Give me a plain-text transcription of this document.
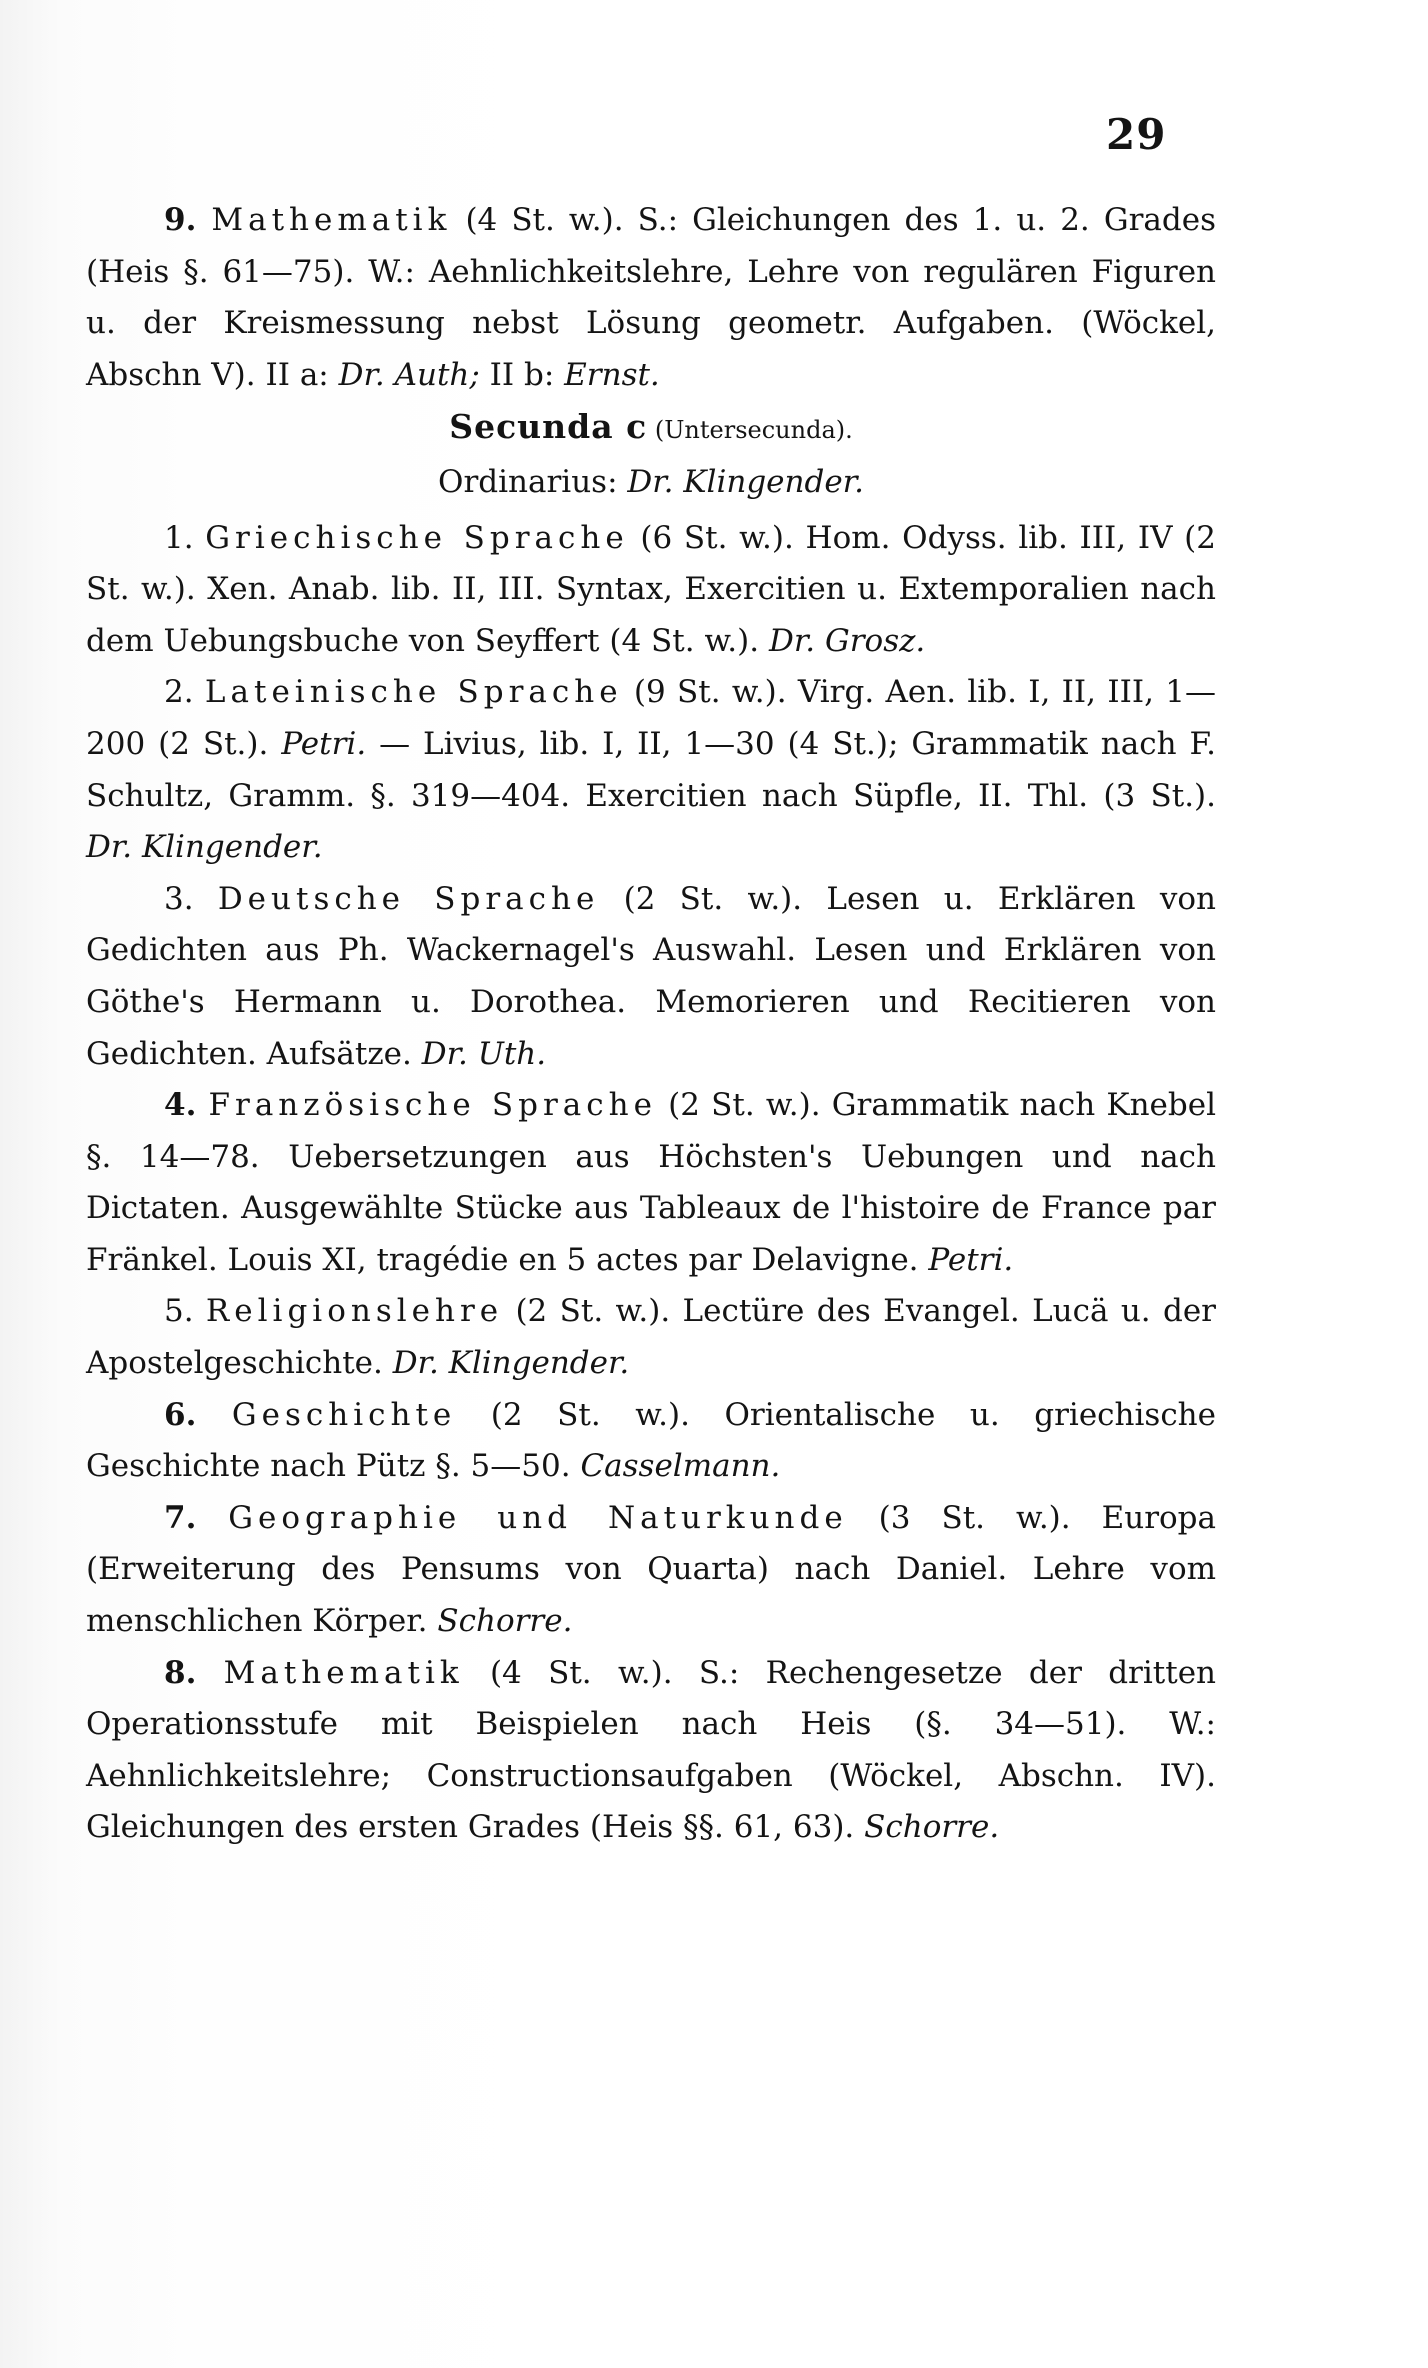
29

9. Mathematik (4 St. w.). S.: Gleichungen des 1. u. 2. Grades (Heis §. 61—75). W.: Aehnlichkeitslehre, Lehre von regulären Figuren u. der Kreismessung nebst Lösung geometr. Aufgaben. (Wöckel, Abschn V). II a: Dr. Auth; II b: Ernst.

Secunda c (Untersecunda).

Ordinarius: Dr. Klingender.

1. Griechische Sprache (6 St. w.). Hom. Odyss. lib. III, IV (2 St. w.). Xen. Anab. lib. II, III. Syntax, Exercitien u. Extemporalien nach dem Uebungsbuche von Seyffert (4 St. w.). Dr. Grosz.

2. Lateinische Sprache (9 St. w.). Virg. Aen. lib. I, II, III, 1—200 (2 St.). Petri. — Livius, lib. I, II, 1—30 (4 St.); Grammatik nach F. Schultz, Gramm. §. 319—404. Exercitien nach Süpfle, II. Thl. (3 St.). Dr. Klingender.

3. Deutsche Sprache (2 St. w.). Lesen u. Erklären von Gedichten aus Ph. Wackernagel's Auswahl. Lesen und Erklären von Göthe's Hermann u. Dorothea. Memorieren und Recitieren von Gedichten. Aufsätze. Dr. Uth.

4. Französische Sprache (2 St. w.). Grammatik nach Knebel §. 14—78. Uebersetzungen aus Höchsten's Uebungen und nach Dictaten. Ausgewählte Stücke aus Tableaux de l'histoire de France par Fränkel. Louis XI, tragédie en 5 actes par Delavigne. Petri.

5. Religionslehre (2 St. w.). Lectüre des Evangel. Lucä u. der Apostelgeschichte. Dr. Klingender.

6. Geschichte (2 St. w.). Orientalische u. griechische Geschichte nach Pütz §. 5—50. Casselmann.

7. Geographie und Naturkunde (3 St. w.). Europa (Erweiterung des Pensums von Quarta) nach Daniel. Lehre vom menschlichen Körper. Schorre.

8. Mathematik (4 St. w.). S.: Rechengesetze der dritten Operationsstufe mit Beispielen nach Heis (§. 34—51). W.: Aehnlichkeitslehre; Constructionsaufgaben (Wöckel, Abschn. IV). Gleichungen des ersten Grades (Heis §§. 61, 63). Schorre.
